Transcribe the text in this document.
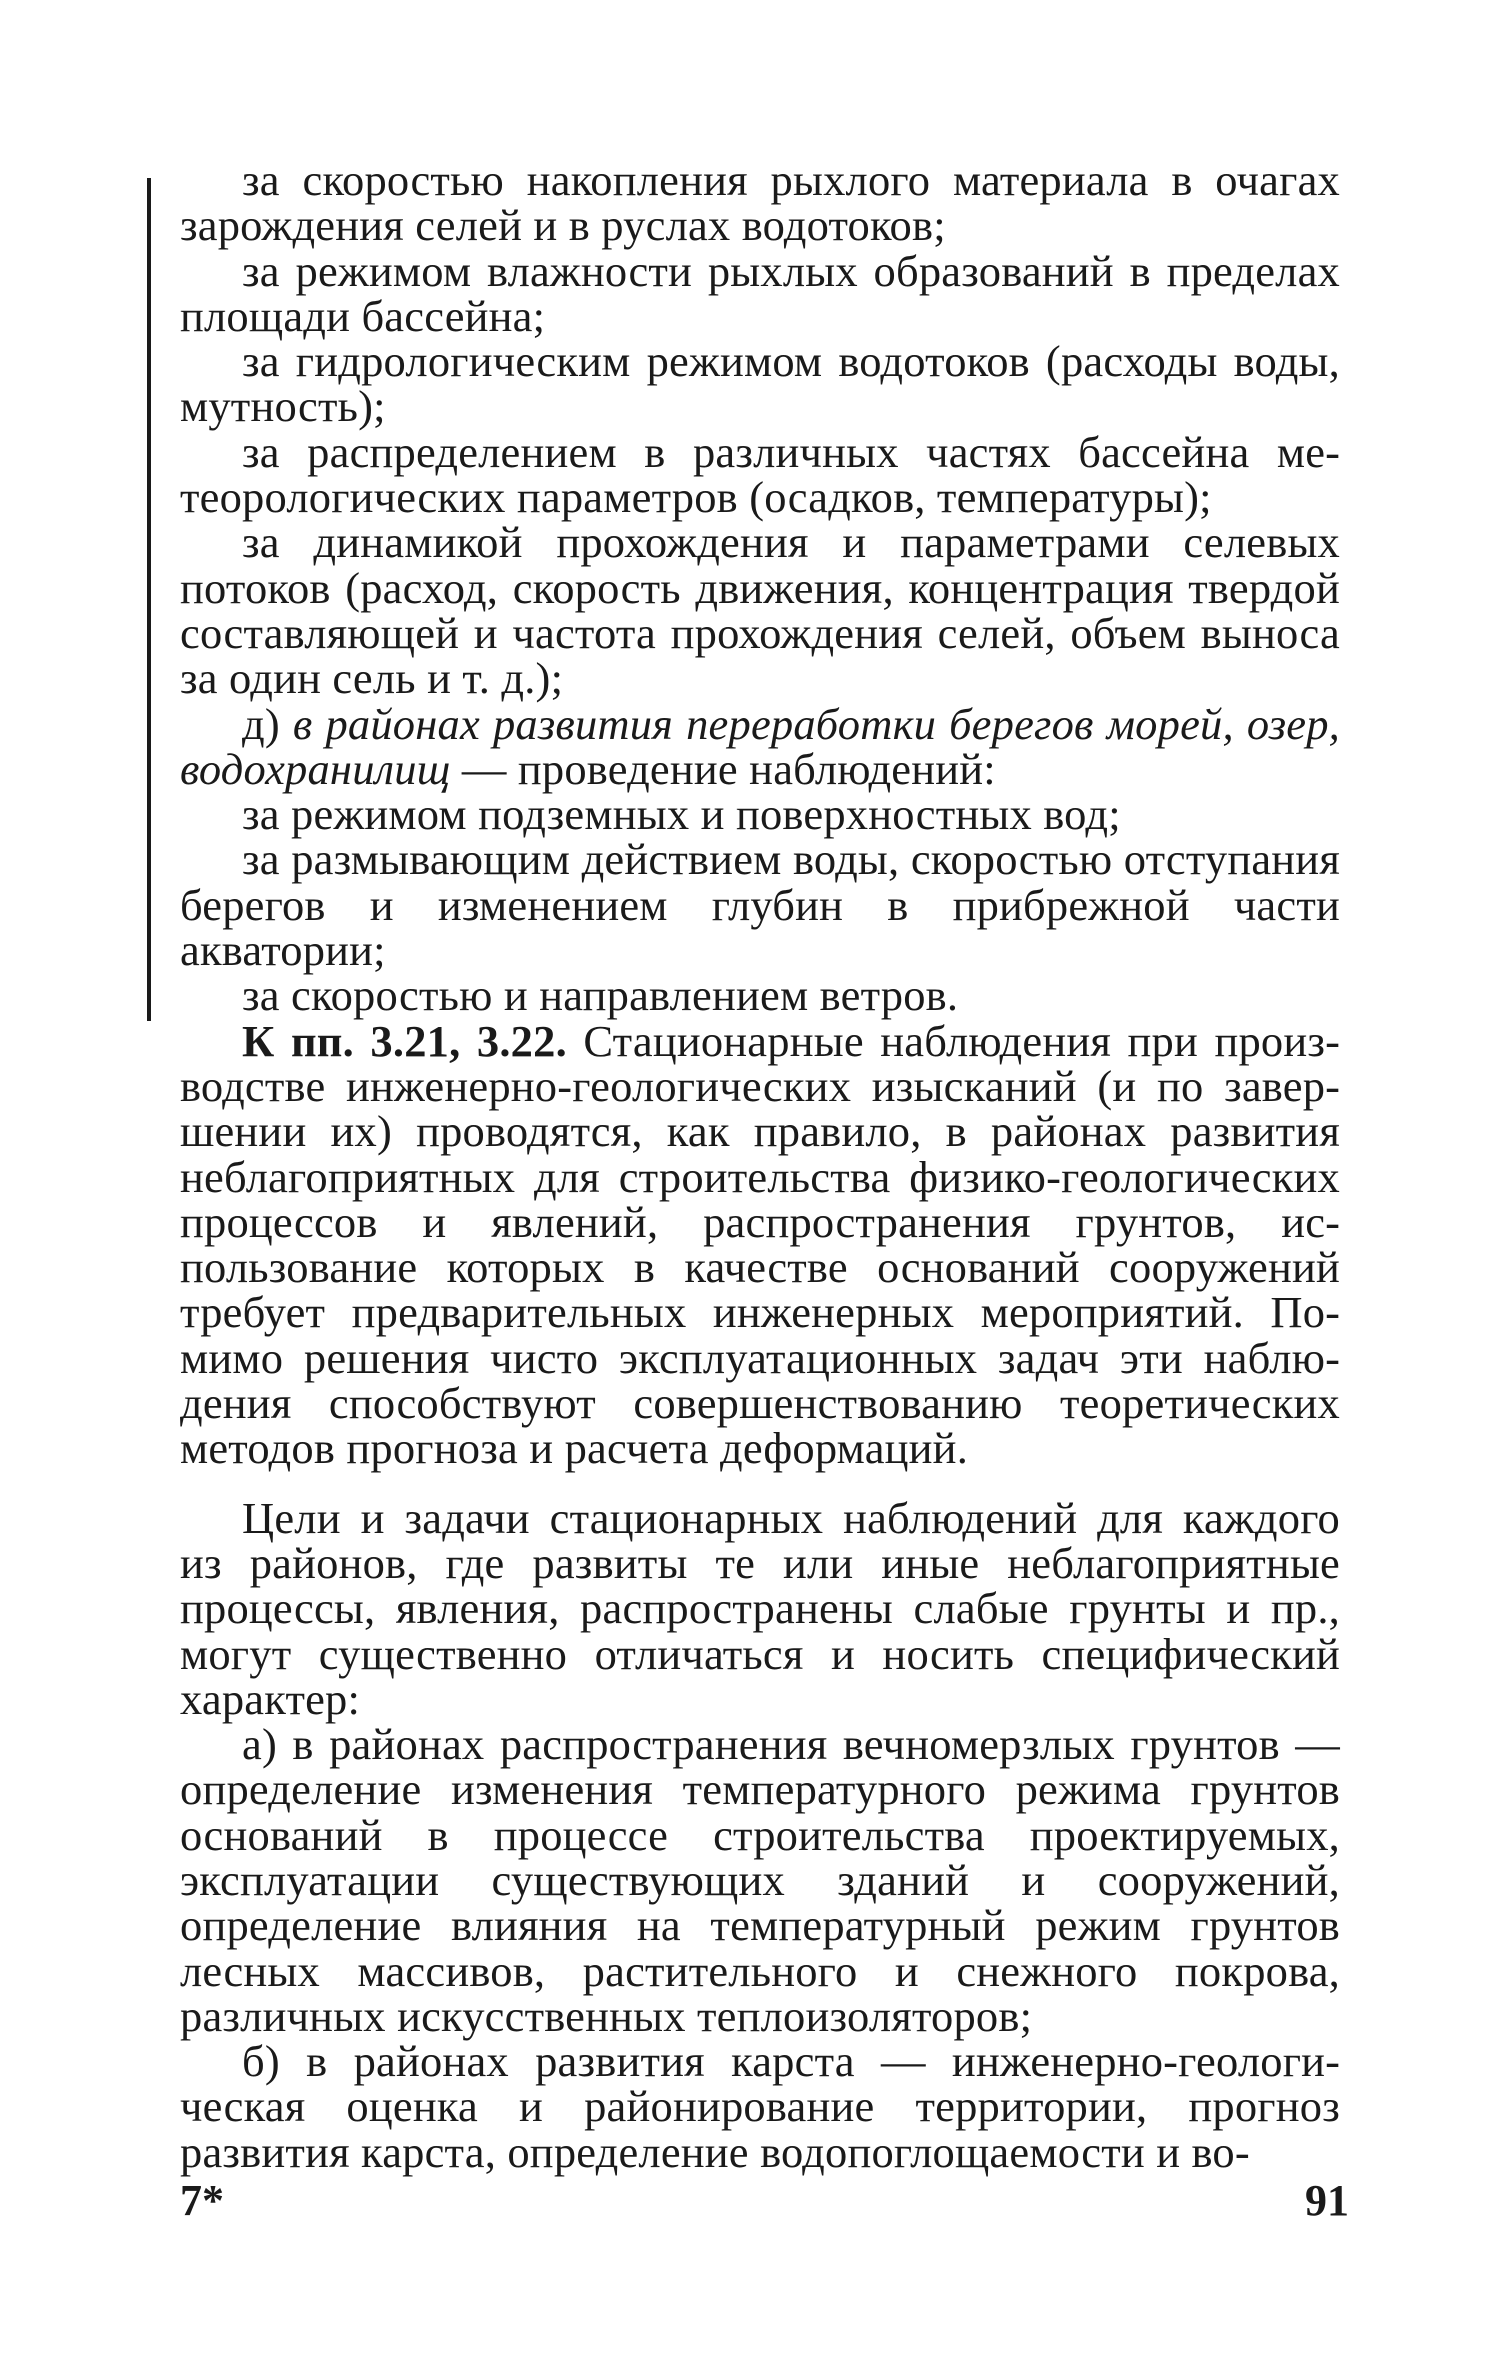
за скоростью накопления рыхлого материала в очагах зарождения селей и в руслах водотоков;

за режимом влажности рыхлых образований в пределах площади бассейна;

за гидрологическим режимом водотоков (расходы воды, мутность);

за распределением в различных частях бассейна метеорологических параметров (осадков, температуры);

за динамикой прохождения и параметрами селевых потоков (расход, скорость движения, концентрация твердой составляющей и частота прохождения селей, объем выноса за один сель и т. д.);

д) в районах развития переработки берегов морей, озер, водохранилищ — проведение наблюдений:

за режимом подземных и поверхностных вод;

за размывающим действием воды, скоростью отступания берегов и изменением глубин в прибрежной части акватории;

за скоростью и направлением ветров.

К пп. 3.21, 3.22. Стационарные наблюдения при производстве инженерно-геологических изысканий (и по завершении их) проводятся, как правило, в районах развития неблагоприятных для строительства физико-геологических процессов и явлений, распространения грунтов, использование которых в качестве оснований сооружений требует предварительных инженерных мероприятий. Помимо решения чисто эксплуатационных задач эти наблюдения способствуют совершенствованию теоретических методов прогноза и расчета деформаций.

Цели и задачи стационарных наблюдений для каждого из районов, где развиты те или иные неблагоприятные процессы, явления, распространены слабые грунты и пр., могут существенно отличаться и носить специфический характер:

а) в районах распространения вечномерзлых грунтов — определение изменения температурного режима грунтов оснований в процессе строительства проектируемых, эксплуатации существующих зданий и сооружений, определение влияния на температурный режим грунтов лесных массивов, растительного и снежного покрова, различных искусственных теплоизоляторов;

б) в районах развития карста — инженерно-геологическая оценка и районирование территории, прогноз развития карста, определение водопоглощаемости и во-

7*	91
